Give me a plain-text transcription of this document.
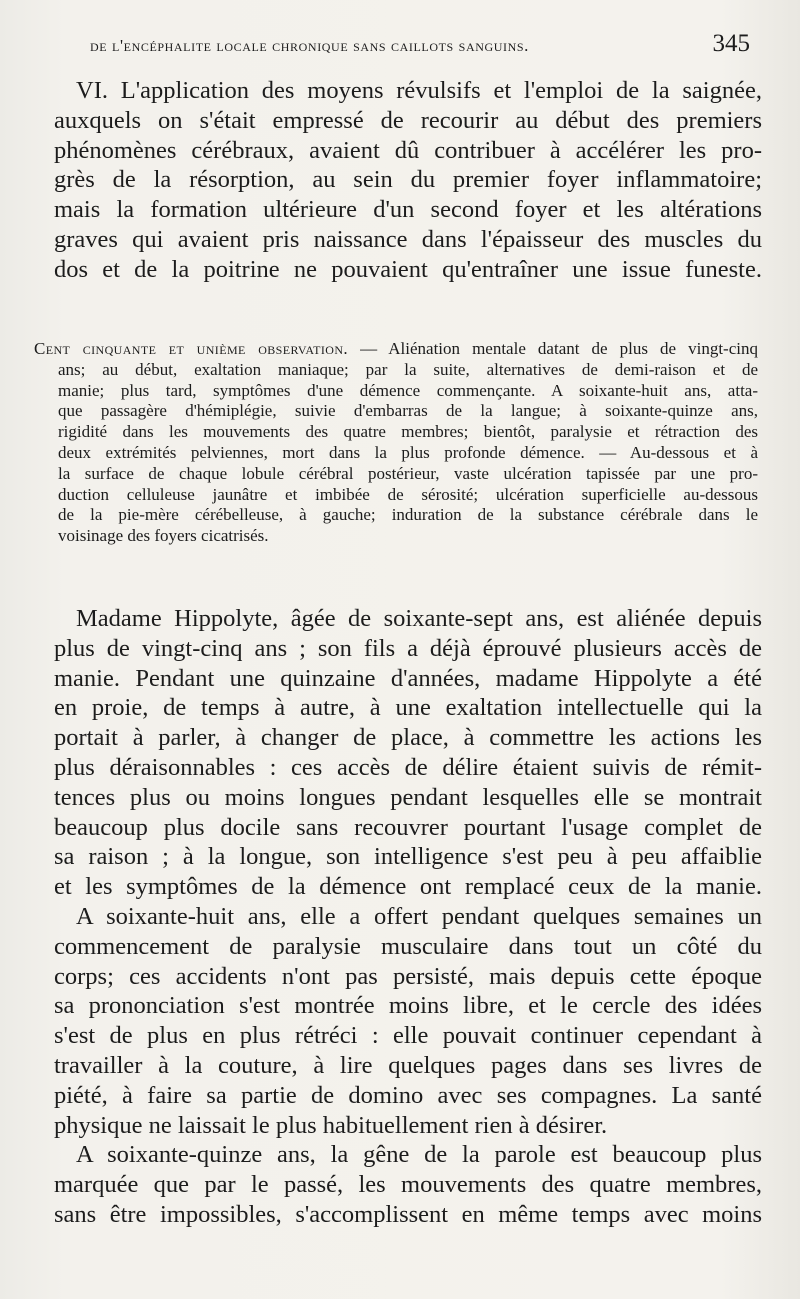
de l'encéphalite locale chronique sans caillots sanguins.	345
VI. L'application des moyens révulsifs et l'emploi de la saignée,
auxquels on s'était empressé de recourir au début des premiers
phénomènes cérébraux, avaient dû contribuer à accélérer les pro-
grès de la résorption, au sein du premier foyer inflammatoire;
mais la formation ultérieure d'un second foyer et les altérations
graves qui avaient pris naissance dans l'épaisseur des muscles du
dos et de la poitrine ne pouvaient qu'entraîner une issue funeste.
Cent cinquante et unième observation. — Aliénation mentale datant de plus de vingt-cinq
ans; au début, exaltation maniaque; par la suite, alternatives de demi-raison et de
manie; plus tard, symptômes d'une démence commençante. A soixante-huit ans, atta-
que passagère d'hémiplégie, suivie d'embarras de la langue; à soixante-quinze ans,
rigidité dans les mouvements des quatre membres; bientôt, paralysie et rétraction des
deux extrémités pelviennes, mort dans la plus profonde démence. — Au-dessous et à
la surface de chaque lobule cérébral postérieur, vaste ulcération tapissée par une pro-
duction celluleuse jaunâtre et imbibée de sérosité; ulcération superficielle au-dessous
de la pie-mère cérébelleuse, à gauche; induration de la substance cérébrale dans le
voisinage des foyers cicatrisés.
Madame Hippolyte, âgée de soixante-sept ans, est aliénée depuis
plus de vingt-cinq ans ; son fils a déjà éprouvé plusieurs accès de
manie. Pendant une quinzaine d'années, madame Hippolyte a été
en proie, de temps à autre, à une exaltation intellectuelle qui la
portait à parler, à changer de place, à commettre les actions les
plus déraisonnables : ces accès de délire étaient suivis de rémit-
tences plus ou moins longues pendant lesquelles elle se montrait
beaucoup plus docile sans recouvrer pourtant l'usage complet de
sa raison ; à la longue, son intelligence s'est peu à peu affaiblie
et les symptômes de la démence ont remplacé ceux de la manie.
A soixante-huit ans, elle a offert pendant quelques semaines un
commencement de paralysie musculaire dans tout un côté du
corps; ces accidents n'ont pas persisté, mais depuis cette époque
sa prononciation s'est montrée moins libre, et le cercle des idées
s'est de plus en plus rétréci : elle pouvait continuer cependant à
travailler à la couture, à lire quelques pages dans ses livres de
piété, à faire sa partie de domino avec ses compagnes. La santé
physique ne laissait le plus habituellement rien à désirer.
A soixante-quinze ans, la gêne de la parole est beaucoup plus
marquée que par le passé, les mouvements des quatre membres,
sans être impossibles, s'accomplissent en même temps avec moins
